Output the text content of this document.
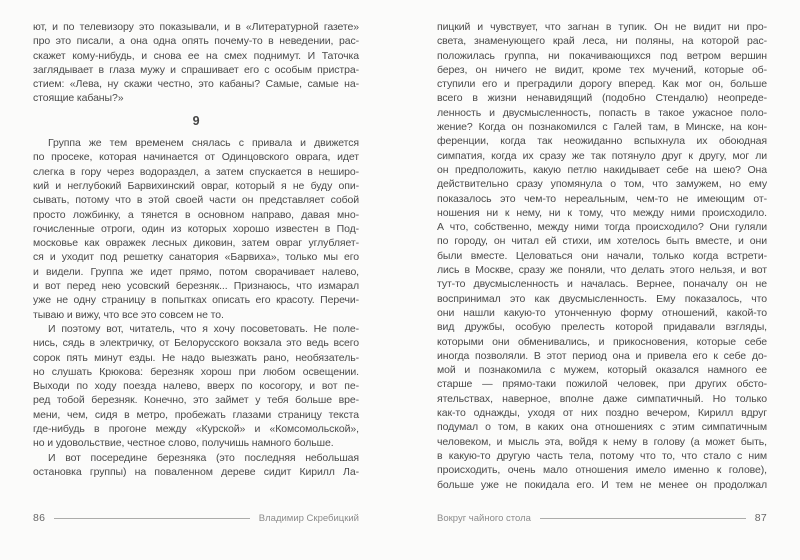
ют, и по телевизору это показывали, и в «Литературной газете»
про это писали, а она одна опять почему-то в неведении, рас-
скажет кому-нибудь, и снова ее на смех поднимут. И Таточка
заглядывает в глаза мужу и спрашивает его с особым пристра-
стием: «Лева, ну скажи честно, это кабаны? Самые, самые на-
стоящие кабаны?»
9
Группа же тем временем снялась с привала и движется
по просеке, которая начинается от Одинцовского оврага, идет
слегка в гору через водораздел, а затем спускается в неширо-
кий и неглубокий Барвихинский овраг, который я не буду опи-
сывать, потому что в этой своей части он представляет собой
просто ложбинку, а тянется в основном направо, давая мно-
гочисленные отроги, один из которых хорошо известен в Под-
московье как овражек лесных диковин, затем овраг углубляет-
ся и уходит под решетку санатория «Барвиха», только мы его
и видели. Группа же идет прямо, потом сворачивает налево,
и вот перед нею усовский березняк... Признаюсь, что измарал
уже не одну страницу в попытках описать его красоту. Перечи-
тываю и вижу, что все это совсем не то.
И поэтому вот, читатель, что я хочу посоветовать. Не поле-
нись, сядь в электричку, от Белорусского вокзала это ведь всего
сорок пять минут езды. Не надо выезжать рано, необязатель-
но слушать Крюкова: березняк хорош при любом освещении.
Выходи по ходу поезда налево, вверх по косогору, и вот пе-
ред тобой березняк. Конечно, это займет у тебя больше вре-
мени, чем, сидя в метро, пробежать глазами страницу текста
где-нибудь в прогоне между «Курской» и «Комсомольской»,
но и удовольствие, честное слово, получишь намного больше.
И вот посередине березняка (это последняя небольшая
остановка группы) на поваленном дереве сидит Кирилл Ла-
86	Владимир Скребицкий
пицкий и чувствует, что загнан в тупик. Он не видит ни про-
света, знаменующего край леса, ни поляны, на которой рас-
положилась группа, ни покачивающихся под ветром вершин
берез, он ничего не видит, кроме тех мучений, которые об-
ступили его и преградили дорогу вперед. Как мог он, больше
всего в жизни ненавидящий (подобно Стендалю) неопреде-
ленность и двусмысленность, попасть в такое ужасное поло-
жение? Когда он познакомился с Галей там, в Минске, на кон-
ференции, когда так неожиданно вспыхнула их обоюдная
симпатия, когда их сразу же так потянуло друг к другу, мог ли
он предположить, какую петлю накидывает себе на шею? Она
действительно сразу упомянула о том, что замужем, но ему
показалось это чем-то нереальным, чем-то не имеющим от-
ношения ни к нему, ни к тому, что между ними происходило.
А что, собственно, между ними тогда происходило? Они гуляли
по городу, он читал ей стихи, им хотелось быть вместе, и они
были вместе. Целоваться они начали, только когда встрети-
лись в Москве, сразу же поняли, что делать этого нельзя, и вот
тут-то двусмысленность и началась. Вернее, поначалу он не
воспринимал это как двусмысленность. Ему показалось, что
они нашли какую-то утонченную форму отношений, какой-то
вид дружбы, особую прелесть которой придавали взгляды,
которыми они обменивались, и прикосновения, которые себе
иногда позволяли. В этот период она и привела его к себе до-
мой и познакомила с мужем, который оказался намного ее
старше — прямо-таки пожилой человек, при других обсто-
ятельствах, наверное, вполне даже симпатичный. Но только
как-то однажды, уходя от них поздно вечером, Кирилл вдруг
подумал о том, в каких она отношениях с этим симпатичным
человеком, и мысль эта, войдя к нему в голову (а может быть,
в какую-то другую часть тела, потому что то, что стало с ним
происходить, очень мало отношения имело именно к голове),
больше уже не покидала его. И тем не менее он продолжал
Вокруг чайного стола	87
